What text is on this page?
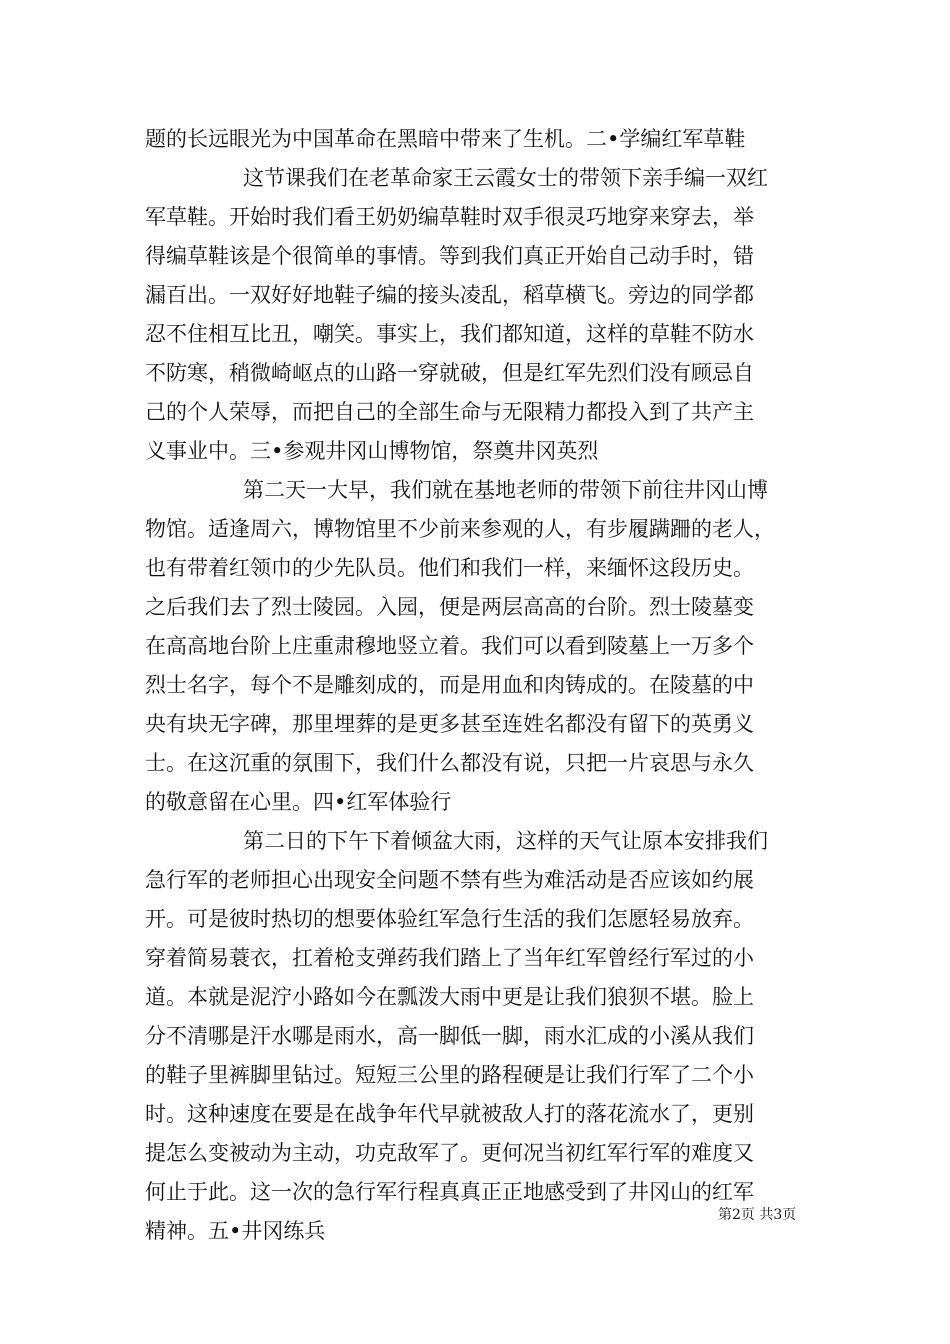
题的长远眼光为中国革命在黑暗中带来了生机。二•学编红军草鞋
这节课我们在老革命家王云霞女士的带领下亲手编一双红
军草鞋。开始时我们看王奶奶编草鞋时双手很灵巧地穿来穿去，举
得编草鞋该是个很简单的事情。等到我们真正开始自己动手时，错
漏百出。一双好好地鞋子编的接头凌乱，稻草横飞。旁边的同学都
忍不住相互比丑，嘲笑。事实上，我们都知道，这样的草鞋不防水
不防寒，稍微崎岖点的山路一穿就破，但是红军先烈们没有顾忌自
己的个人荣辱，而把自己的全部生命与无限精力都投入到了共产主
义事业中。三•参观井冈山博物馆，祭奠井冈英烈
第二天一大早，我们就在基地老师的带领下前往井冈山博
物馆。适逢周六，博物馆里不少前来参观的人，有步履蹒跚的老人，
也有带着红领巾的少先队员。他们和我们一样，来缅怀这段历史。
之后我们去了烈士陵园。入园，便是两层高高的台阶。烈士陵墓变
在高高地台阶上庄重肃穆地竖立着。我们可以看到陵墓上一万多个
烈士名字，每个不是雕刻成的，而是用血和肉铸成的。在陵墓的中
央有块无字碑，那里埋葬的是更多甚至连姓名都没有留下的英勇义
士。在这沉重的氛围下，我们什么都没有说，只把一片哀思与永久
的敬意留在心里。四•红军体验行
第二日的下午下着倾盆大雨，这样的天气让原本安排我们
急行军的老师担心出现安全问题不禁有些为难活动是否应该如约展
开。可是彼时热切的想要体验红军急行生活的我们怎愿轻易放弃。
穿着简易蓑衣，扛着枪支弹药我们踏上了当年红军曾经行军过的小
道。本就是泥泞小路如今在瓢泼大雨中更是让我们狼狈不堪。脸上
分不清哪是汗水哪是雨水，高一脚低一脚，雨水汇成的小溪从我们
的鞋子里裤脚里钻过。短短三公里的路程硬是让我们行军了二个小
时。这种速度在要是在战争年代早就被敌人打的落花流水了，更别
提怎么变被动为主动，功克敌军了。更何况当初红军行军的难度又
何止于此。这一次的急行军行程真真正正地感受到了井冈山的红军
精神。五•井冈练兵
第2页 共3页
